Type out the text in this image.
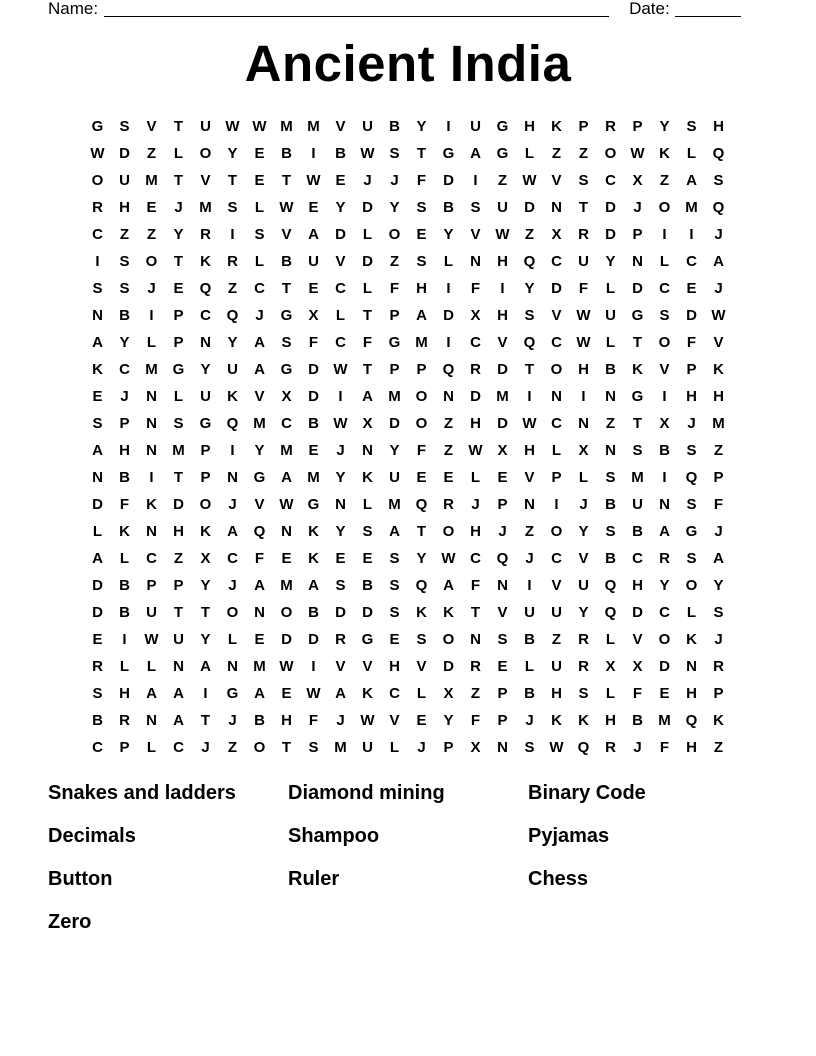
Name:	Date:
Ancient India
G	S	V	T	U W W M M	V	U	B	Y	I	U	G	H	K	P	R	P	Y	S	H
W D	Z	L	O	Y	E	B	I	B W S	T	G	A	G	L	Z	Z	O W K	L	Q
O	U	M	T	V	T	E	T	W E	J	J	F	D	I	Z	W V	S	C	X	Z	A	S
R	H	E	J	M	S	L	W E	Y	D	Y	S	B	S	U	D	N	T	D	J	O M Q
C	Z	Z	Y	R	I	S	V	A	D	L	O	E	Y	V W	Z	X	R	D	P	I	I	J
I	S	O	T	K	R	L	B	U	V	D	Z	S	L	N	H	Q	C	U	Y	N	L	C	A
S	S	J	E	Q	Z	C	T	E	C	L	F	H	I	F	I	Y	D	F	L	D	C	E	J
N	B	I	P	C	Q	J	G	X	L	T	P	A	D	X	H	S	V W U	G	S	D W
A	Y	L	P	N	Y	A	S	F	C	F	G M	I	C	V	Q	C W	L	T	O	F	V
K	C	M G	Y	U	A	G	D W	T	P	P	Q	R	D	T	O	H	B	K	V	P	K
E	J	N	L	U	K	V	X	D	I	A	M O	N	D	M	I	N	I	N	G	I	H	H
S	P	N	S	G	Q M	C	B W X	D	O	Z	H	D W C	N	Z	T	X	J	M
A	H	N	M	P	I	Y	M	E	J	N	Y	F	Z	W X	H	L	X	N	S	B	S	Z
N	B	I	T	P	N	G	A	M	Y	K	U	E	E	L	E	V	P	L	S	M	I	Q	P
D	F	K	D	O	J	V W G	N	L	M Q	R	J	P	N	I	J	B	U	N	S	F
L	K	N	H	K	A	Q	N	K	Y	S	A	T	O	H	J	Z	O	Y	S	B	A	G	J
A	L	C	Z	X	C	F	E	K	E	E	S	Y W C	Q	J	C	V	B	C	R	S	A
D	B	P	P	Y	J	A	M	A	S	B	S	Q	A	F	N	I	V	U	Q	H	Y	O	Y
D	B	U	T	T	O	N	O	B	D	D	S	K	K	T	V	U	U	Y	Q	D	C	L	S
E	I	W U	Y	L	E	D	D	R	G	E	S	O	N	S	B	Z	R	L	V	O	K	J
R	L	L	N	A	N	M W	I	V	V	H	V	D	R	E	L	U	R	X	X	D	N	R
S	H	A	A	I	G	A	E W A	K	C	L	X	Z	P	B	H	S	L	F	E	H	P
B	R	N	A	T	J	B	H	F	J	W V	E	Y	F	P	J	K	K	H	B	M Q	K
C	P	L	C	J	Z	O	T	S	M	U	L	J	P	X	N	S W Q	R	J	F	H	Z
Snakes and ladders	Diamond mining	Binary Code
Decimals	Shampoo	Pyjamas
Button	Ruler	Chess
Zero
